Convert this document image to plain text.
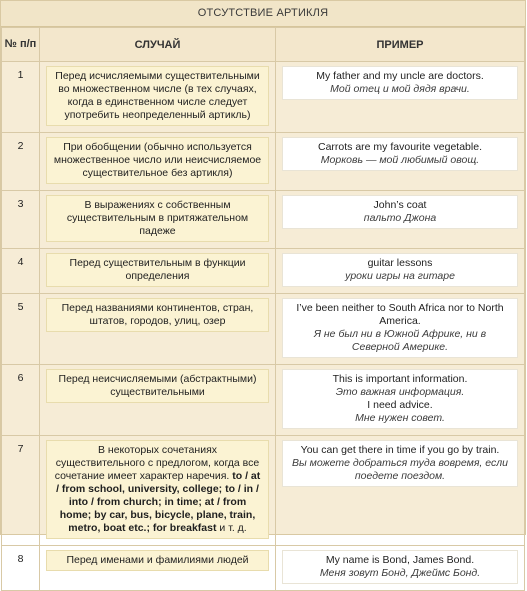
ОТСУТСТВИЕ АРТИКЛЯ
№ п/п	СЛУЧАЙ	ПРИМЕР
1	Перед исчисляемыми существительными во множественном числе (в тех случаях, когда в единственном числе следует употребить неопределенный артикль)	My father and my uncle are doctors.
Мой отец и мой дядя врачи.

2	При обобщении (обычно используется множественное число или неисчисляемое существительное без артикля)	Carrots are my favourite vegetable.
Морковь — мой любимый овощ.

3	В выражениях с собственным существительным в притяжательном падеже	John’s coat
пальто Джона

4	Перед существительным в функции определения	guitar lessons
уроки игры на гитаре

5	Перед названиями континентов, стран, штатов, городов, улиц, озер	I’ve been neither to South Africa nor to North America.
Я не был ни в Южной Африке, ни в Северной Америке.

6	Перед неисчисляемыми (абстрактными) существительными	This is important information.
Это важная информация.
I need advice.
Мне нужен совет.

7	В некоторых сочетаниях существительного с предлогом, когда все сочетание имеет характер наречия. to / at / from school, university, college; to / in / into / from church; in time; at / from home; by car, bus, bicycle, plane, train, metro, boat etc.; for breakfast и т. д.	You can get there in time if you go by train.
Вы можете добраться туда вовремя, если поедете поездом.

8	Перед именами и фамилиями людей	My name is Bond, James Bond.
Меня зовут Бонд, Джеймс Бонд.
